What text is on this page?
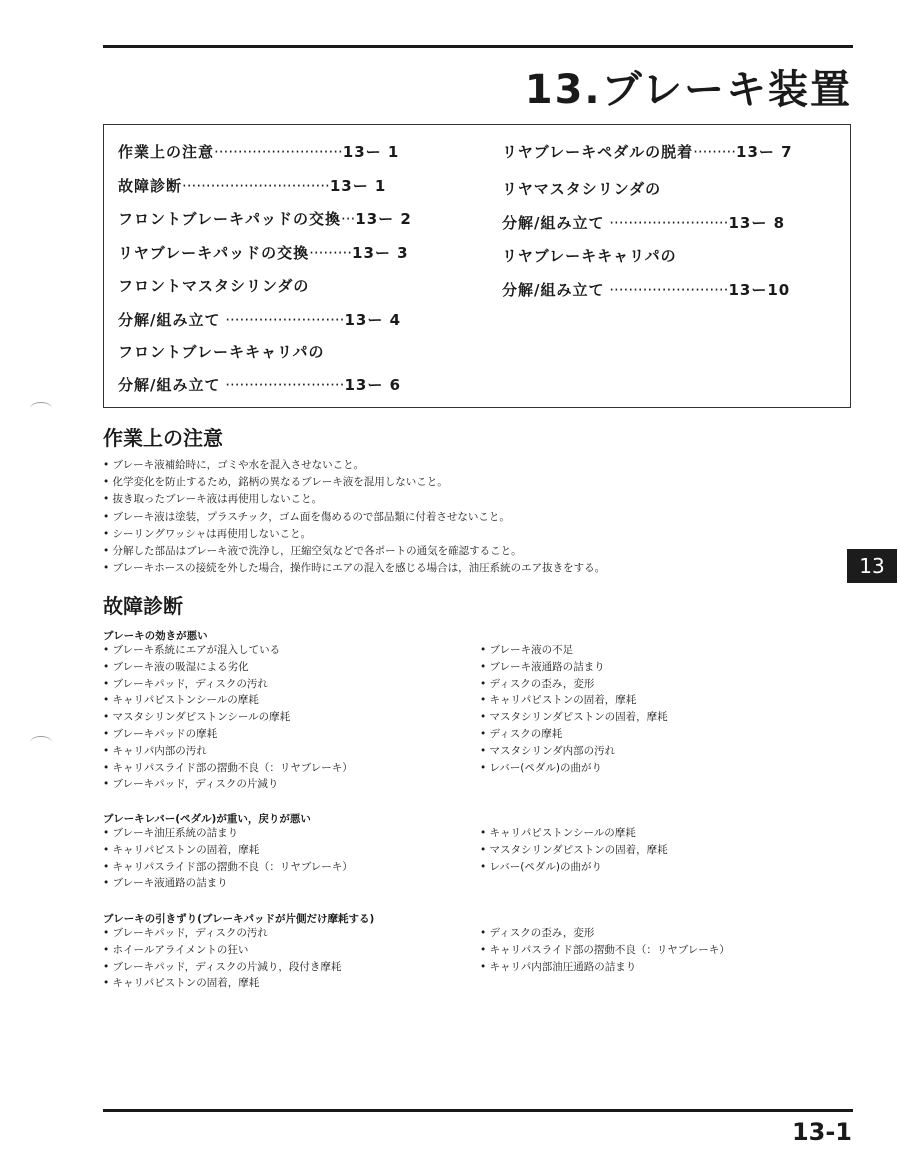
13.ブレーキ装置
作業上の注意···························13ー 1
故障診断·······························13ー 1
フロントブレーキパッドの交換···13ー 2
リヤブレーキパッドの交換·········13ー 3
フロントマスタシリンダの
分解/組み立て ·························13ー 4
フロントブレーキキャリパの
分解/組み立て ·························13ー 6
リヤブレーキペダルの脱着·········13ー 7
リヤマスタシリンダの
分解/組み立て ·························13ー 8
リヤブレーキキャリパの
分解/組み立て ·························13ー10
作業上の注意
• ブレーキ液補給時に，ゴミや水を混入させないこと。
• 化学変化を防止するため，銘柄の異なるブレーキ液を混用しないこと。
• 抜き取ったブレーキ液は再使用しないこと。
• ブレーキ液は塗装，プラスチック，ゴム面を傷めるので部品類に付着させないこと。
• シーリングワッシャは再使用しないこと。
• 分解した部品はブレーキ液で洗浄し，圧縮空気などで各ポートの通気を確認すること。
• ブレーキホースの接続を外した場合，操作時にエアの混入を感じる場合は，油圧系統のエア抜きをする。	13
故障診断
ブレーキの効きが悪い
• ブレーキ系統にエアが混入している
• ブレーキ液の吸湿による劣化
• ブレーキパッド，ディスクの汚れ
• キャリパピストンシールの摩耗
• マスタシリンダピストンシールの摩耗
• ブレーキパッドの摩耗
• キャリパ内部の汚れ
• キャリパスライド部の摺動不良（：リヤブレーキ）
• ブレーキパッド，ディスクの片減り
• ブレーキ液の不足
• ブレーキ液通路の詰まり
• ディスクの歪み，変形
• キャリパピストンの固着，摩耗
• マスタシリンダピストンの固着，摩耗
• ディスクの摩耗
• マスタシリンダ内部の汚れ
• レバー(ペダル)の曲がり
ブレーキレバー(ペダル)が重い，戻りが悪い
• ブレーキ油圧系統の詰まり
• キャリパピストンの固着，摩耗
• キャリパスライド部の摺動不良（：リヤブレーキ）
• ブレーキ液通路の詰まり
• キャリパピストンシールの摩耗
• マスタシリンダピストンの固着，摩耗
• レバー(ペダル)の曲がり
ブレーキの引きずり(ブレーキパッドが片側だけ摩耗する)
• ブレーキパッド，ディスクの汚れ
• ホイールアライメントの狂い
• ブレーキパッド，ディスクの片減り，段付き摩耗
• キャリパピストンの固着，摩耗
• ディスクの歪み，変形
• キャリパスライド部の摺動不良（：リヤブレーキ）
• キャリパ内部油圧通路の詰まり
13-1
